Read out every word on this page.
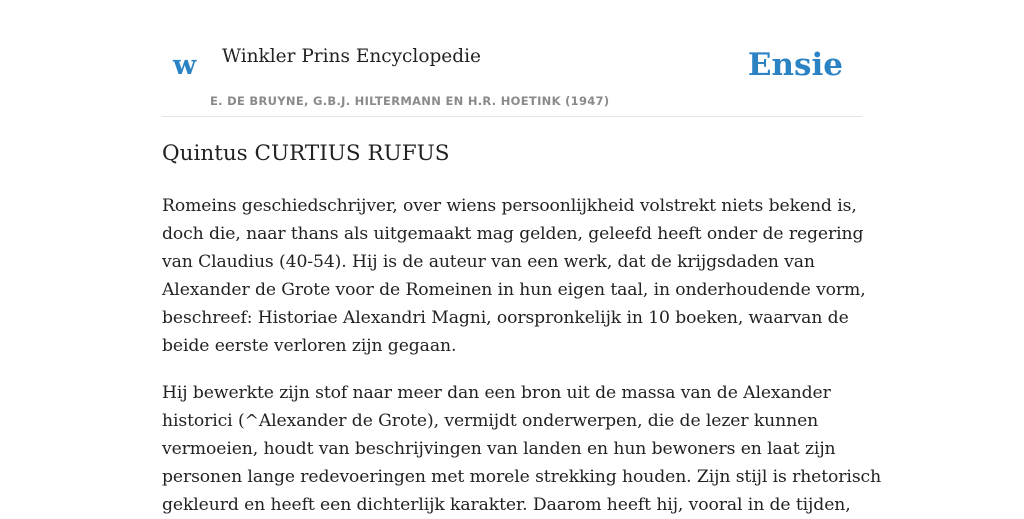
w Winkler Prins Encyclopedie
E. DE BRUYNE, G.B.J. HILTERMANN EN H.R. HOETINK (1947)
Ensie
Quintus CURTIUS RUFUS

Romeins geschiedschrijver, over wiens persoonlijkheid volstrekt niets bekend is,
doch die, naar thans als uitgemaakt mag gelden, geleefd heeft onder de regering
van Claudius (40-54). Hij is de auteur van een werk, dat de krijgsdaden van
Alexander de Grote voor de Romeinen in hun eigen taal, in onderhoudende vorm,
beschreef: Historiae Alexandri Magni, oorspronkelijk in 10 boeken, waarvan de
beide eerste verloren zijn gegaan.

Hij bewerkte zijn stof naar meer dan een bron uit de massa van de Alexander
historici (^Alexander de Grote), vermijdt onderwerpen, die de lezer kunnen
vermoeien, houdt van beschrijvingen van landen en hun bewoners en laat zijn
personen lange redevoeringen met morele strekking houden. Zijn stijl is rhetorisch
gekleurd en heeft een dichterlijk karakter. Daarom heeft hij, vooral in de tijden,
